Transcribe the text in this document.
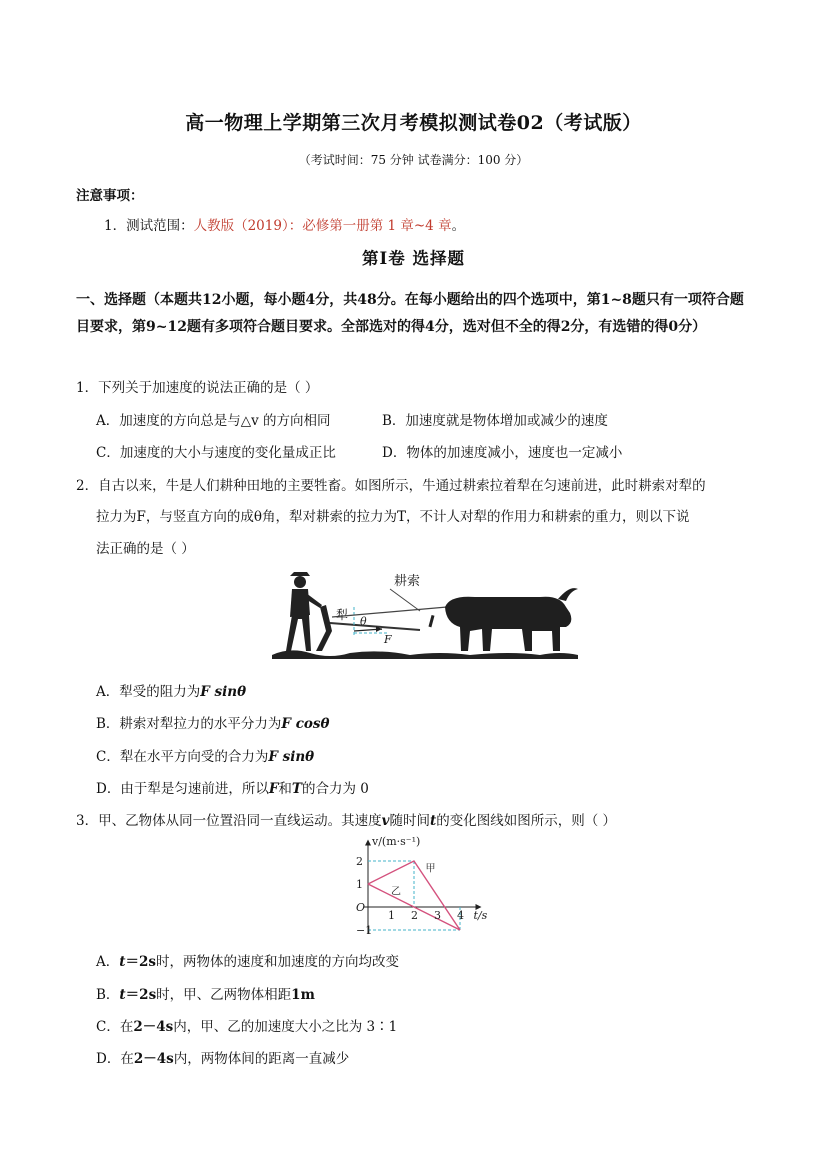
高一物理上学期第三次月考模拟测试卷02（考试版）
（考试时间：75 分钟 试卷满分：100 分）
注意事项：
1．测试范围：人教版（2019）：必修第一册第 1 章~4 章。
第Ⅰ卷 选择题
一、选择题（本题共12小题，每小题4分，共48分。在每小题给出的四个选项中，第1~8题只有一项符合题目要求，第9~12题有多项符合题目要求。全部选对的得4分，选对但不全的得2分，有选错的得0分）
1．下列关于加速度的说法正确的是（ ）
A．加速度的方向总是与△v 的方向相同	B．加速度就是物体增加或减少的速度
C．加速度的大小与速度的变化量成正比	D．物体的加速度减小，速度也一定减小
2．自古以来，牛是人们耕种田地的主要牲畜。如图所示，牛通过耕索拉着犁在匀速前进，此时耕索对犁的
拉力为F，与竖直方向的成θ角，犁对耕索的拉力为T，不计人对犁的作用力和耕索的重力，则以下说
法正确的是（ ）
耕索
犁 θ
F
A．犁受的阻力为F sinθ
B．耕索对犁拉力的水平分力为F cosθ
C．犁在水平方向受的合力为F sinθ
D．由于犁是匀速前进，所以F和T的合力为 0
3．甲、乙物体从同一位置沿同一直线运动。其速度v随时间t的变化图线如图所示，则（ ）
1 2 3 4
2
1
O
−1
v/(m·s⁻¹)
t/s
甲
乙
A．t＝2s时，两物体的速度和加速度的方向均改变
B．t＝2s时，甲、乙两物体相距1m
C．在2－4s内，甲、乙的加速度大小之比为 3∶1
D．在2－4s内，两物体间的距离一直减少
